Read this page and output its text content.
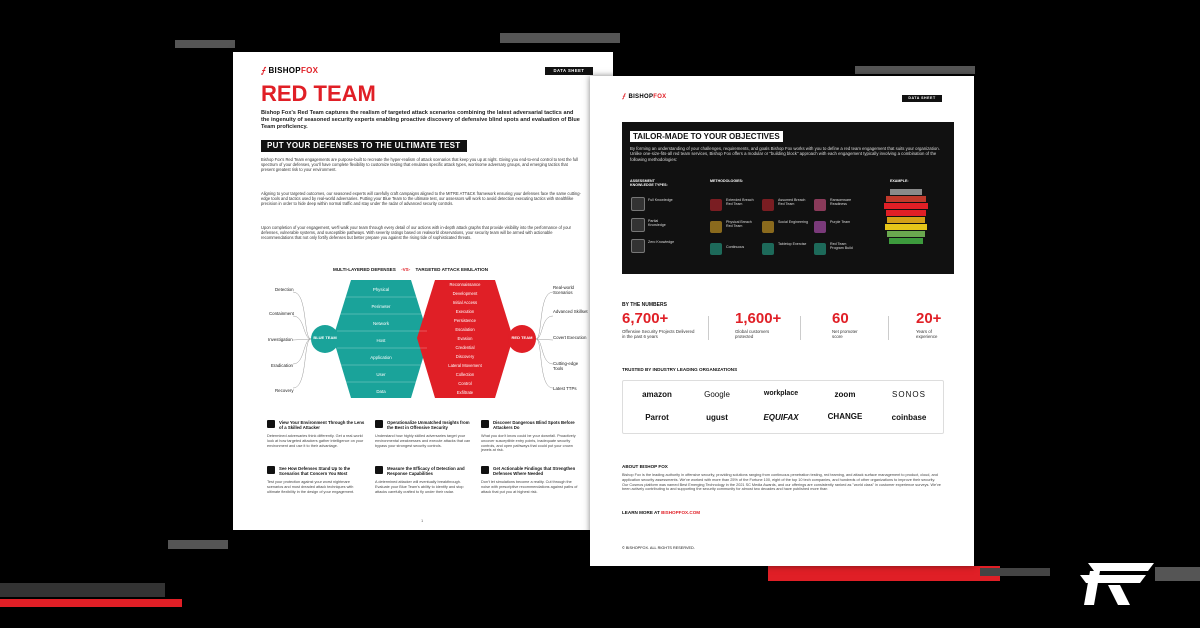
⨍ BISHOP FOX	DATA SHEET
RED TEAM
Bishop Fox's Red Team captures the realism of targeted attack scenarios combining the latest adversarial tactics and the ingenuity of seasoned security experts enabling proactive discovery of defensive blind spots and evaluation of Blue Team proficiency.
PUT YOUR DEFENSES TO THE ULTIMATE TEST
Bishop Fox's Red Team engagements are purpose-built to recreate the hyper-realism of attack scenarios that keep you up at night. Giving you end-to-end control to test the full spectrum of your defenses, you'll have complete flexibility to customize testing that emulates specific attack types, worrisome adversary groups, and emerging tactics that present greatest risk to your environment.
Aligning to your targeted outcomes, our seasoned experts will carefully craft campaigns aligned to the MITRE ATT&CK framework ensuring your defenses face the same cutting-edge tools and tactics used by real-world adversaries. Putting your Blue Team to the ultimate test, our assessors will work to avoid detection executing tactics with stealthlike precision in order to hide deep within normal traffic and stay under the radar of advanced security controls.
Upon completion of your engagement, we'll walk your team through every detail of our actions with in-depth attack graphs that provide visibility into the performance of your defenses, vulnerable systems, and susceptible pathways. With severity ratings based on realworld observations, your security team will be armed with actionable recommendations that not only fortify defenses but better prepare you against the rising tide of sophisticated threats.
MULTI-LAYERED DEFENSES -VS- TARGETED ATTACK EMULATION
Detection
Containment
Investigation
Eradication
Recovery
Physical
Perimeter
Network
Host
Application
User
Data
BLUE TEAM	RED TEAM
Reconnaissance
Development
Initial Access
Execution
Persistence
Escalation
Evasion
Credential
Discovery
Lateral Movement
Collection
Control
Exfiltrate
Real-world Scenarios
Advanced Skillset
Covert Execution
Cutting-edge Tools
Latest TTPs
View Your Environment Through the Lens of a Skilled Attacker
Determined adversaries think differently. Get a real-world look at how targeted attackers gather intelligence on your environment and use it to their advantage.
Operationalize Unmatched Insights from the Best in Offensive Security
Understand how highly skilled adversaries target your environmental weaknesses and execute attacks that can bypass your strongest security controls.
Discover Dangerous Blind Spots Before Attackers Do
What you don't know could be your downfall. Proactively uncover susceptible entry points, inadequate security controls, and open pathways that could put your crown jewels at risk.
See How Defenses Stand Up to the Scenarios that Concern You Most
Test your protection against your worst nightmare scenarios and most dreaded attack techniques with ultimate flexibility in the design of your engagement.
Measure the Efficacy of Detection and Response Capabilities
A determined attacker will eventually breakthrough. Evaluate your Blue Team's ability to identify and stop attacks carefully crafted to fly under their radar.
Get Actionable Findings that Strengthen Defenses Where Needed
Don't let simulations become a reality. Cut through the noise with prescriptive recommendations against paths of attack that put you at highest risk.
1
⨍ BISHOP FOX	DATA SHEET
TAILOR-MADE TO YOUR OBJECTIVES
By forming an understanding of your challenges, requirements, and goals Bishop Fox works with you to define a red team engagement that suits your organization. Unlike one-size-fits-all red team services, Bishop Fox offers a modular or "building block" approach with each engagement typically involving a combination of the following methodologies:
ASSESSMENT KNOWLEDGE TYPES:
Full Knowledge
Partial Knowledge
Zero Knowledge
METHODOLOGIES:
Extended Breach Red Team
Assumed Breach Red Team
Ransomware Readiness
Physical Breach Red Team
Social Engineering	Purple Team
Continuous
Tabletop Exercise	Red Team Program Build
EXAMPLE:
BY THE NUMBERS
6,700+
Offensive Security Projects Delivered in the past 6 years
1,600+
Global customers protected
60
Net promoter score
20+
Years of experience
TRUSTED BY INDUSTRY LEADING ORGANIZATIONS
amazon	Google	workplace	zoom	SONOS
Parrot	ugust	EQUIFAX	CHANGE	coinbase
ABOUT BISHOP FOX
Bishop Fox is the leading authority in offensive security, providing solutions ranging from continuous penetration testing, red teaming, and attack surface management to product, cloud, and application security assessments. We've worked with more than 25% of the Fortune 100, eight of the top 10 tech companies, and hundreds of other organizations to improve their security. Our Cosmos platform was named Best Emerging Technology in the 2021 SC Media Awards, and our offerings are consistently ranked as "world class" in customer experience surveys. We've been actively contributing to and supporting the security community for almost two decades and have published more than
LEARN MORE AT BISHOPFOX.COM
© BISHOPFOX. ALL RIGHTS RESERVED.
